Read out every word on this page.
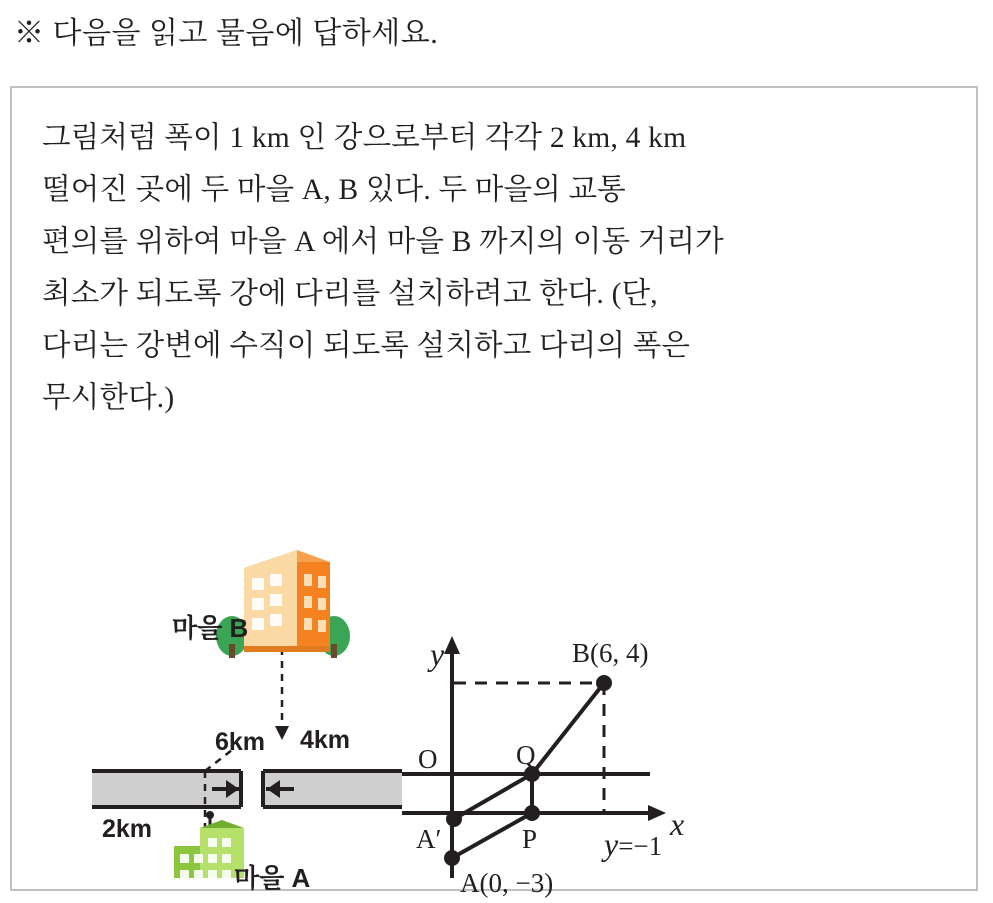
※ 다음을 읽고 물음에 답하세요.
그림처럼 폭이 1 km 인 강으로부터 각각 2 km, 4 km
떨어진 곳에 두 마을 A, B 있다. 두 마을의 교통
편의를 위하여 마을 A 에서 마을 B 까지의 이동 거리가
최소가 되도록 강에 다리를 설치하려고 한다. (단,
다리는 강변에 수직이 되도록 설치하고 다리의 폭은
무시한다.)
마을 B
마을 A
6km 4km
2km
y
x
O	Q
P
A′
B(6, 4)
A(0, −3)
y=−1
